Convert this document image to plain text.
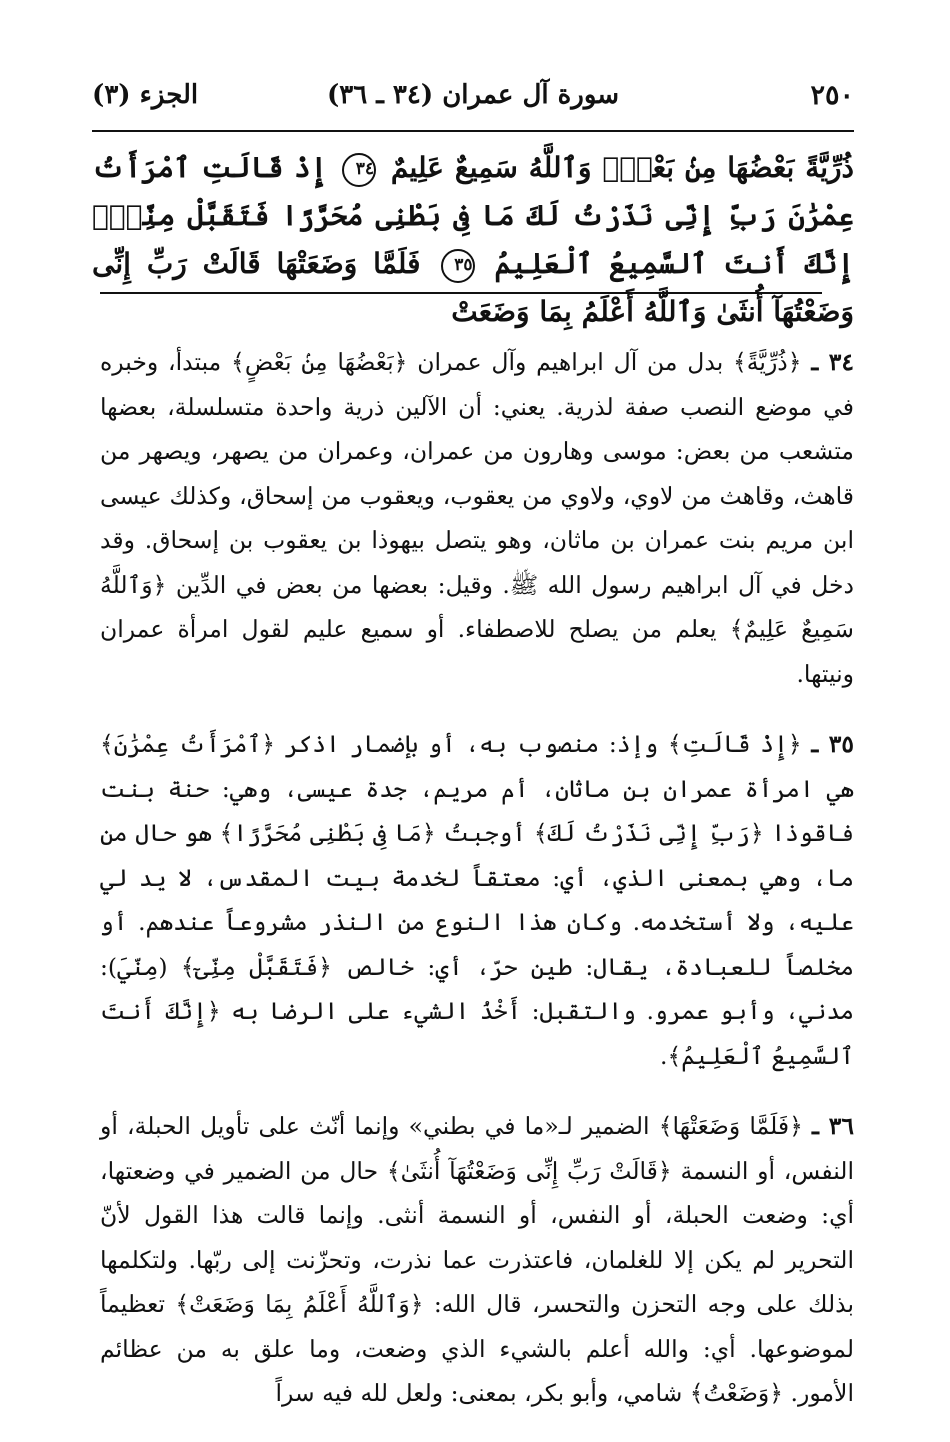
٢٥٠
سورة آل عمران (٣٤ ـ ٣٦)
الجزء (٣)
ذُرِّيَّةً بَعْضُهَا مِنۢ بَعْضٍۗ وَٱللَّهُ سَمِيعٌ عَلِيمٌ ٣٤ إِذْ قَالَتِ ٱمْرَأَتُ عِمْرَٰنَ رَبِّ إِنِّى نَذَرْتُ لَكَ مَا فِى بَطْنِى مُحَرَّرًا فَتَقَبَّلْ مِنِّىٓۖ إِنَّكَ أَنتَ ٱلسَّمِيعُ ٱلْعَلِيمُ ٣٥ فَلَمَّا وَضَعَتْهَا قَالَتْ رَبِّ إِنِّى وَضَعْتُهَآ أُنثَىٰ وَٱللَّهُ أَعْلَمُ بِمَا وَضَعَتْ

٣٤ ـ ﴿ذُرِّيَّةً﴾ بدل من آل ابراهيم وآل عمران ﴿بَعْضُهَا مِنۢ بَعْضٍ﴾ مبتدأ، وخبره في موضع النصب صفة لذرية. يعني: أن الآلين ذرية واحدة متسلسلة، بعضها متشعب من بعض: موسى وهارون من عمران، وعمران من يصهر، ويصهر من قاهث، وقاهث من لاوي، ولاوي من يعقوب، ويعقوب من إسحاق، وكذلك عيسى ابن مريم بنت عمران بن ماثان، وهو يتصل بيهوذا بن يعقوب بن إسحاق. وقد دخل في آل ابراهيم رسول الله ﷺ. وقيل: بعضها من بعض في الدِّين ﴿وَٱللَّهُ سَمِيعٌ عَلِيمٌ﴾ يعلم من يصلح للاصطفاء. أو سميع عليم لقول امرأة عمران ونيتها.

٣٥ ـ ﴿إِذْ قَالَتِ﴾ وإذ: منصوب به، أو بإضمار اذكر ﴿ٱمْرَأَتُ عِمْرَٰنَ﴾ هي امرأة عمران بن ماثان، أم مريم، جدة عيسى، وهي: حنة بنت فاقوذا ﴿رَبِّ إِنِّى نَذَرْتُ لَكَ﴾ أوجبتُ ﴿مَا فِى بَطْنِى مُحَرَّرًا﴾ هو حال من ما، وهي بمعنى الذي، أي: معتقاً لخدمة بيت المقدس، لا يد لي عليه، ولا أستخدمه. وكان هذا النوع من النذر مشروعاً عندهم. أو مخلصاً للعبادة، يقال: طين حرّ، أي: خالص ﴿فَتَقَبَّلْ مِنِّىٓ﴾ (مِنّيَ): مدني، وأبو عمرو. والتقبل: أَخْذُ الشيء على الرضا به ﴿إِنَّكَ أَنتَ ٱلسَّمِيعُ ٱلْعَلِيمُ﴾.

٣٦ ـ ﴿فَلَمَّا وَضَعَتْهَا﴾ الضمير لـ«ما في بطني» وإنما أنّث على تأويل الحبلة، أو النفس، أو النسمة ﴿قَالَتْ رَبِّ إِنِّى وَضَعْتُهَآ أُنثَىٰ﴾ حال من الضمير في وضعتها، أي: وضعت الحبلة، أو النفس، أو النسمة أنثى. وإنما قالت هذا القول لأنّ التحرير لم يكن إلا للغلمان، فاعتذرت عما نذرت، وتحزّنت إلى ربّها. ولتكلمها بذلك على وجه التحزن والتحسر، قال الله: ﴿وَٱللَّهُ أَعْلَمُ بِمَا وَضَعَتْ﴾ تعظيماً لموضوعها. أي: والله أعلم بالشيء الذي وضعت، وما علق به من عظائم الأمور. ﴿وَضَعْتُ﴾ شامي، وأبو بكر، بمعنى: ولعل لله فيه سراً
